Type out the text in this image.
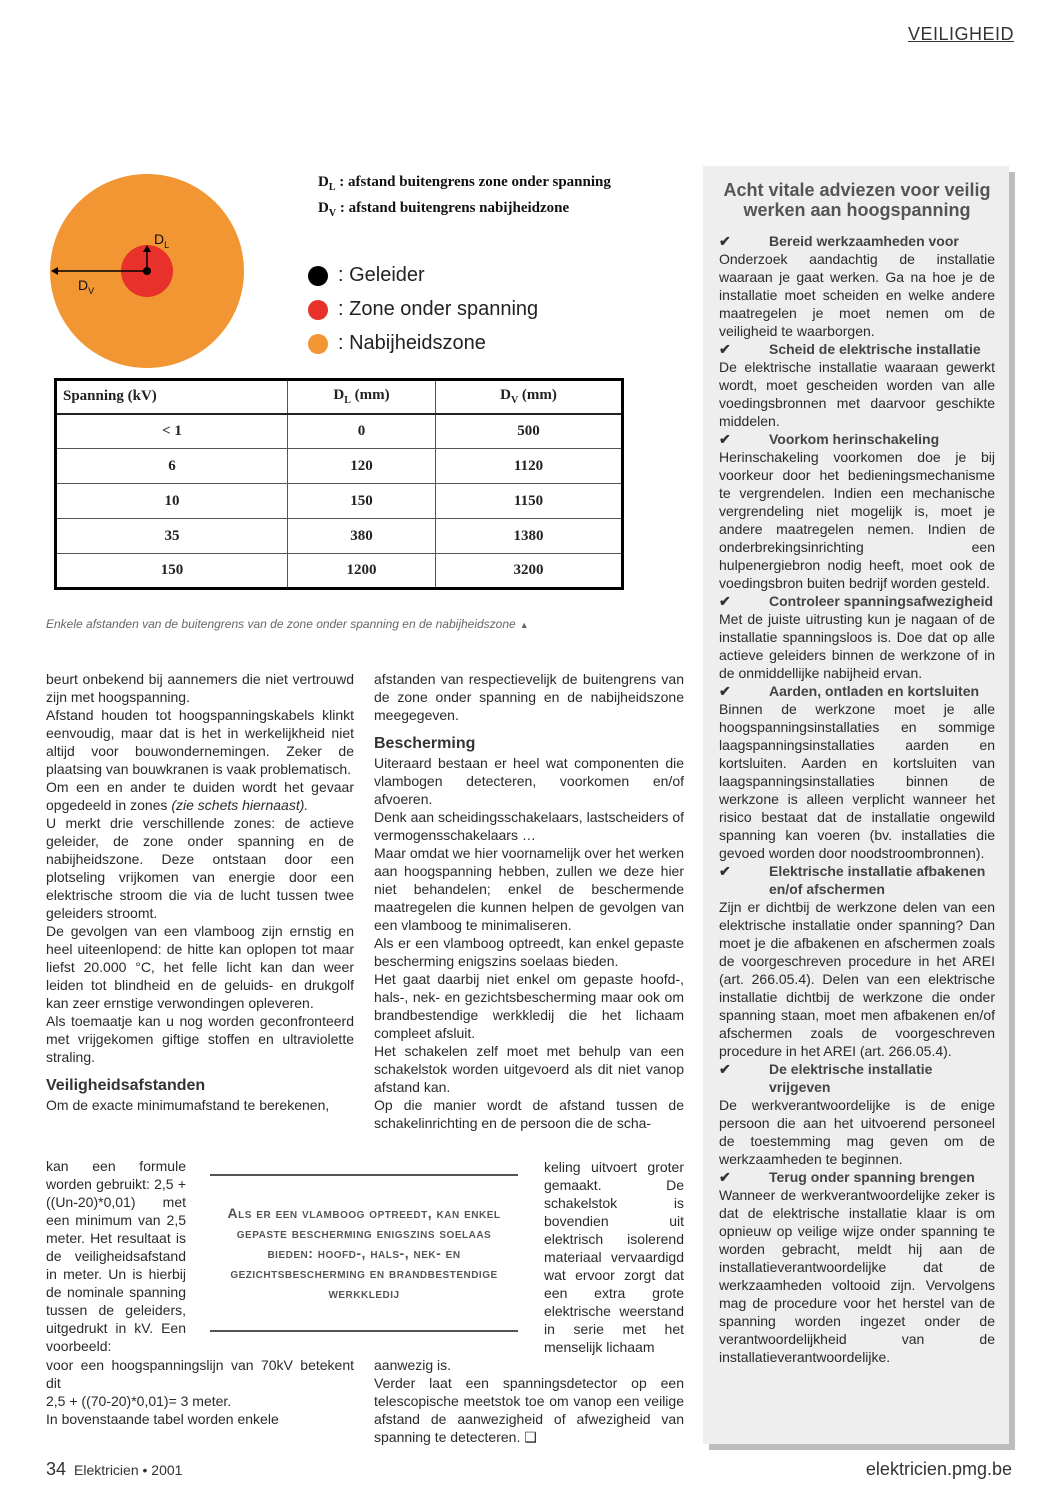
VEILIGHEID
$D_L$
$D_V$
$D_L$ : afstand buitengrens zone onder spanning
$D_V$ : afstand buitengrens nabijheidzone
: Geleider
: Zone onder spanning
: Nabijheidszone
Spanning (kV)	$D_L$ (mm)	$D_V$ (mm)
< 1	0	500
6	120	1120
10	150	1150
35	380	1380
150	1200	3200
Enkele afstanden van de buitengrens van de zone onder spanning en de nabijheidszone ▲

beurt onbekend bij aannemers die niet vertrouwd zijn met hoogspanning.

Afstand houden tot hoogspanningskabels klinkt eenvoudig, maar dat is het in werkelijkheid niet altijd voor bouwondernemingen. Zeker de plaatsing van bouwkranen is vaak problematisch.

Om een en ander te duiden wordt het gevaar opgedeeld in zones (zie schets hiernaast).

U merkt drie verschillende zones: de actieve geleider, de zone onder spanning en de nabijheidszone. Deze ontstaan door een plotseling vrijkomen van energie door een elektrische stroom die via de lucht tussen twee geleiders stroomt.

De gevolgen van een vlamboog zijn ernstig en heel uiteenlopend: de hitte kan oplopen tot maar liefst 20.000 °C, het felle licht kan dan weer leiden tot blindheid en de geluids- en drukgolf kan zeer ernstige verwondingen opleveren.

Als toemaatje kan u nog worden geconfronteerd met vrijgekomen giftige stoffen en ultraviolette straling.

Veiligheidsafstanden

Om de exacte minimumafstand te berekenen,

kan een formule worden gebruikt: 2,5 + ((Un-20)*0,01) met een minimum van 2,5 meter. Het resultaat is de veiligheidsafstand in meter. Un is hierbij de nominale spanning tussen de geleiders, uitgedrukt in kV. Een voorbeeld:

voor een hoogspanningslijn van 70kV betekent dit

2,5 + ((70-20)*0,01)= 3 meter.

In bovenstaande tabel worden enkele

afstanden van respectievelijk de buitengrens van de zone onder spanning en de nabijheidszone meegegeven.

Bescherming

Uiteraard bestaan er heel wat componenten die vlambogen detecteren, voorkomen en/of afvoeren.

Denk aan scheidingsschakelaars, lastscheiders of vermogensschakelaars …

Maar omdat we hier voornamelijk over het werken aan hoogspanning hebben, zullen we deze hier niet behandelen; enkel de beschermende maatregelen die kunnen helpen de gevolgen van een vlamboog te minimaliseren.

Als er een vlamboog optreedt, kan enkel gepaste bescherming enigszins soelaas bieden.

Het gaat daarbij niet enkel om gepaste hoofd-, hals-, nek- en gezichtsbescherming maar ook om brandbestendige werkkledij die het lichaam compleet afsluit.

Het schakelen zelf moet met behulp van een schakelstok worden uitgevoerd als dit niet vanop afstand kan.

Op die manier wordt de afstand tussen de schakelinrichting en de persoon die de scha-

keling uitvoert groter gemaakt. De schakelstok is bovendien uit elektrisch isolerend materiaal vervaardigd wat ervoor zorgt dat een extra grote elektrische weerstand in serie met het menselijk lichaam

aanwezig is.

Verder laat een spanningsdetector op een telescopische meetstok toe om vanop een veilige afstand de aanwezigheid of afwezigheid van spanning te detecteren. ❑

Als er een vlamboog optreedt, kan enkel gepaste bescherming enigszins soelaas bieden: hoofd-, hals-, nek- en gezichtsbescherming en brandbestendige werkkledij
Acht vitale adviezen voor veilig werken aan hoogspanning
✔	Bereid werkzaamheden voor
Onderzoek aandachtig de installatie waaraan je gaat werken. Ga na hoe je de installatie moet scheiden en welke andere maatregelen je moet nemen om de veiligheid te waarborgen.
✔	Scheid de elektrische installatie
De elektrische installatie waaraan gewerkt wordt, moet gescheiden worden van alle voedingsbronnen met daarvoor geschikte middelen.
✔	Voorkom herinschakeling
Herinschakeling voorkomen doe je bij voorkeur door het bedieningsmechanisme te vergrendelen. Indien een mechanische vergrendeling niet mogelijk is, moet je andere maatregelen nemen. Indien de onderbrekingsinrichting een hulpenergiebron nodig heeft, moet ook de voedingsbron buiten bedrijf worden gesteld.
✔	Controleer spanningsafwezigheid
Met de juiste uitrusting kun je nagaan of de installatie spanningsloos is. Doe dat op alle actieve geleiders binnen de werkzone of in de onmiddellijke nabijheid ervan.
✔	Aarden, ontladen en kortsluiten
Binnen de werkzone moet je alle hoogspanningsinstallaties en sommige laagspanningsinstallaties aarden en kortsluiten. Aarden en kortsluiten van laagspanningsinstallaties binnen de werkzone is alleen verplicht wanneer het risico bestaat dat de installatie ongewild spanning kan voeren (bv. installaties die gevoed worden door noodstroombronnen).
✔	Elektrische installatie afbakenen en/of afschermen
Zijn er dichtbij de werkzone delen van een elektrische installatie onder spanning? Dan moet je die afbakenen en afschermen zoals de voorgeschreven procedure in het AREI (art. 266.05.4). Delen van een elektrische installatie dichtbij de werkzone die onder spanning staan, moet men afbakenen en/of afschermen zoals de voorgeschreven procedure in het AREI (art. 266.05.4).
✔	De elektrische installatie vrijgeven
De werkverantwoordelijke is de enige persoon die aan het uitvoerend personeel de toestemming mag geven om de werkzaamheden te beginnen.
✔	Terug onder spanning brengen
Wanneer de werkverantwoordelijke zeker is dat de elektrische installatie klaar is om opnieuw op veilige wijze onder spanning te worden gebracht, meldt hij aan de installatieverantwoordelijke dat de werkzaamheden voltooid zijn. Vervolgens mag de procedure voor het herstel van de spanning worden ingezet onder de verantwoordelijkheid van de installatieverantwoordelijke.
34 Elektricien • 2001	elektricien.pmg.be
